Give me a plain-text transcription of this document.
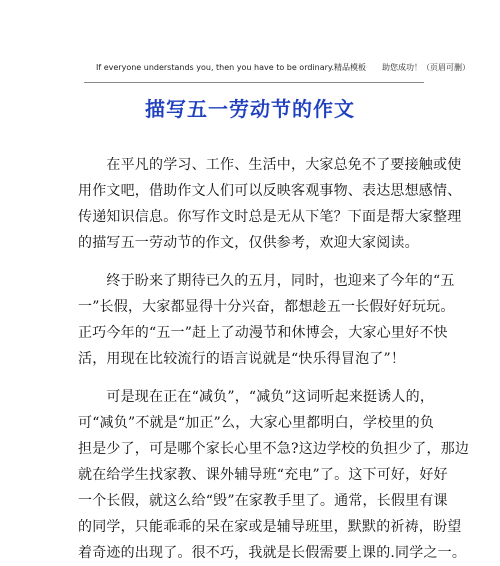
If everyone understands you, then you have to be ordinary.精品模板　　助您成功！（页眉可删）
描写五一劳动节的作文
　　在平凡的学习、工作、生活中，大家总免不了要接触或使
用作文吧，借助作文人们可以反映客观事物、表达思想感情、
传递知识信息。你写作文时总是无从下笔？下面是帮大家整理
的描写五一劳动节的作文，仅供参考，欢迎大家阅读。
　　终于盼来了期待已久的五月，同时，也迎来了今年的“五
一”长假，大家都显得十分兴奋，都想趁五一长假好好玩玩。
正巧今年的“五一”赶上了动漫节和休博会，大家心里好不快
活，用现在比较流行的语言说就是“快乐得冒泡了”！
　　可是现在正在“减负”，“减负”这词听起来挺诱人的，
可“减负”不就是“加正”么，大家心里都明白，学校里的负
担是少了，可是哪个家长心里不急?这边学校的负担少了，那边
就在给学生找家教、课外辅导班“充电”了。这下可好，好好
一个长假，就这么给“毁”在家教手里了。通常，长假里有课
的同学，只能乖乖的呆在家或是辅导班里，默默的祈祷，盼望
着奇迹的出现了。很不巧，我就是长假需要上课的.同学之一。
